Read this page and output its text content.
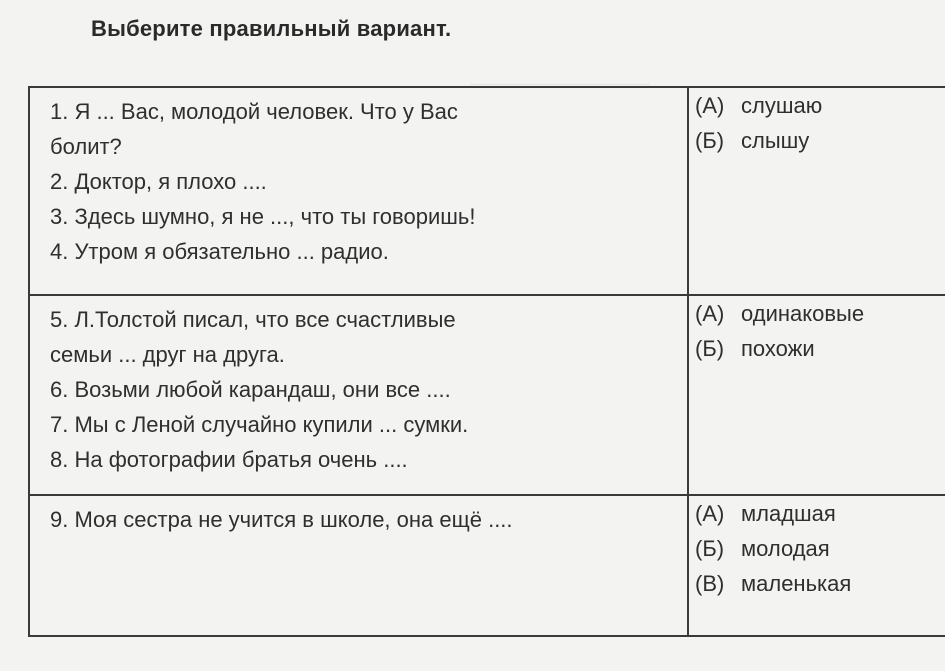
Выберите правильный вариант.
1. Я ... Вас, молодой человек. Что у Вас
болит?
2. Доктор, я плохо ....
3. Здесь шумно, я не ..., что ты говоришь!
4. Утром я обязательно ... радио.
(А) слушаю
(Б) слышу
5. Л.Толстой писал, что все счастливые
семьи ... друг на друга.
6. Возьми любой карандаш, они все ....
7. Мы с Леной случайно купили ... сумки.
8. На фотографии братья очень ....
(А) одинаковые
(Б) похожи
9. Моя сестра не учится в школе, она ещё ....	(А) младшая
(Б) молодая
(В) маленькая
